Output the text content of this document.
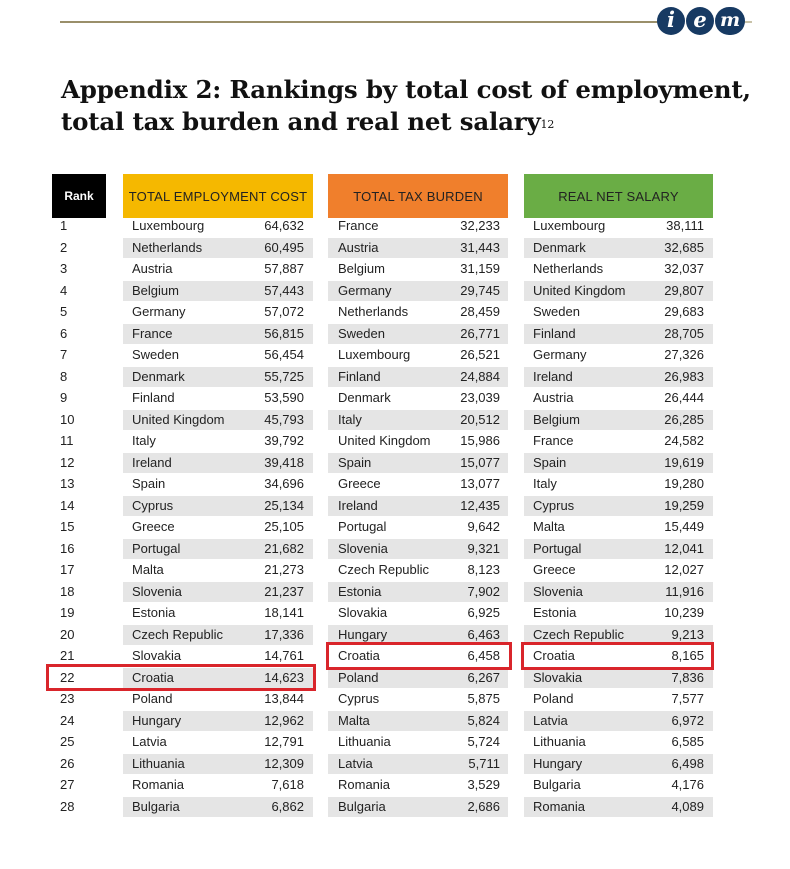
i e m
Appendix 2: Rankings by total cost of employment,
total tax burden and real net salary$^{12}$
Rank	TOTAL EMPLOYMENT COST	TOTAL TAX BURDEN	REAL NET SALARY
1	Luxembourg	64,632	France	32,233	Luxembourg	38,111
2	Netherlands	60,495	Austria	31,443	Denmark	32,685
3	Austria	57,887	Belgium	31,159	Netherlands	32,037
4	Belgium	57,443	Germany	29,745	United Kingdom	29,807
5	Germany	57,072	Netherlands	28,459	Sweden	29,683
6	France	56,815	Sweden	26,771	Finland	28,705
7	Sweden	56,454	Luxembourg	26,521	Germany	27,326
8	Denmark	55,725	Finland	24,884	Ireland	26,983
9	Finland	53,590	Denmark	23,039	Austria	26,444
10	United Kingdom	45,793	Italy	20,512	Belgium	26,285
11	Italy	39,792	United Kingdom 15,986	France	24,582
12	Ireland	39,418	Spain	15,077	Spain	19,619
13	Spain	34,696	Greece	13,077	Italy	19,280
14	Cyprus	25,134	Ireland	12,435	Cyprus	19,259
15	Greece	25,105	Portugal	9,642	Malta	15,449
16	Portugal	21,682	Slovenia	9,321	Portugal	12,041
17	Malta	21,273	Czech Republic	8,123	Greece	12,027
18	Slovenia	21,237	Estonia	7,902	Slovenia	11,916
19	Estonia	18,141	Slovakia	6,925	Estonia	10,239
20	Czech Republic	17,336	Hungary	6,463	Czech Republic	9,213
21	Slovakia	14,761	Croatia	6,458	Croatia	8,165
22	Croatia	14,623	Poland	6,267	Slovakia	7,836
23	Poland	13,844	Cyprus	5,875	Poland	7,577
24	Hungary	12,962	Malta	5,824	Latvia	6,972
25	Latvia	12,791	Lithuania	5,724	Lithuania	6,585
26	Lithuania	12,309	Latvia	5,711	Hungary	6,498
27	Romania	7,618	Romania	3,529	Bulgaria	4,176
28	Bulgaria	6,862	Bulgaria	2,686	Romania	4,089
